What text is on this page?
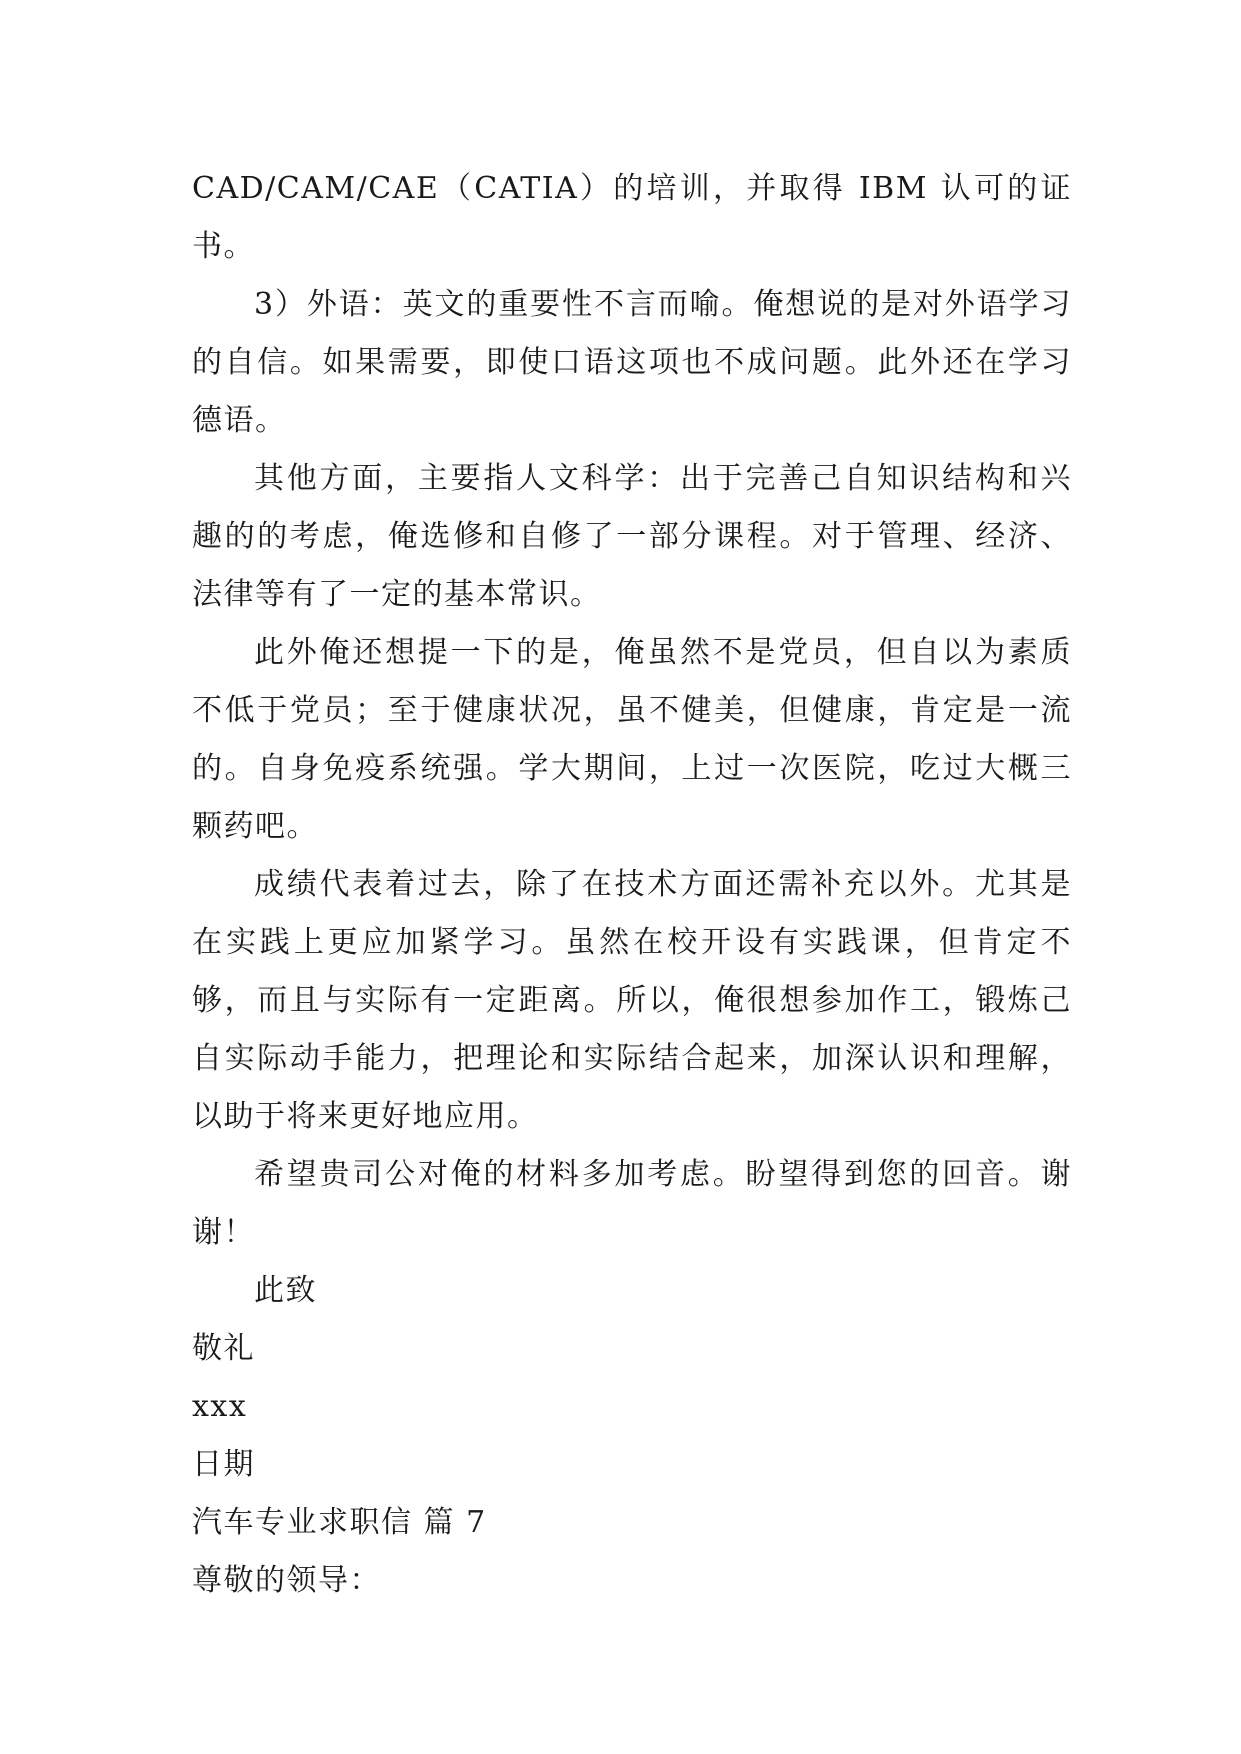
CAD/CAM/CAE（CATIA）的培训，并取得 IBM 认可的证书。

3）外语：英文的重要性不言而喻。俺想说的是对外语学习的自信。如果需要，即使口语这项也不成问题。此外还在学习德语。

其他方面，主要指人文科学：出于完善己自知识结构和兴趣的的考虑，俺选修和自修了一部分课程。对于管理、经济、法律等有了一定的基本常识。

此外俺还想提一下的是，俺虽然不是党员，但自以为素质不低于党员；至于健康状况，虽不健美，但健康，肯定是一流的。自身免疫系统强。学大期间，上过一次医院，吃过大概三颗药吧。

成绩代表着过去，除了在技术方面还需补充以外。尤其是在实践上更应加紧学习。虽然在校开设有实践课，但肯定不够，而且与实际有一定距离。所以，俺很想参加作工，锻炼己自实际动手能力，把理论和实际结合起来，加深认识和理解，以助于将来更好地应用。

希望贵司公对俺的材料多加考虑。盼望得到您的回音。谢谢！

此致

敬礼

xxx

日期

汽车专业求职信 篇 7

尊敬的领导：
